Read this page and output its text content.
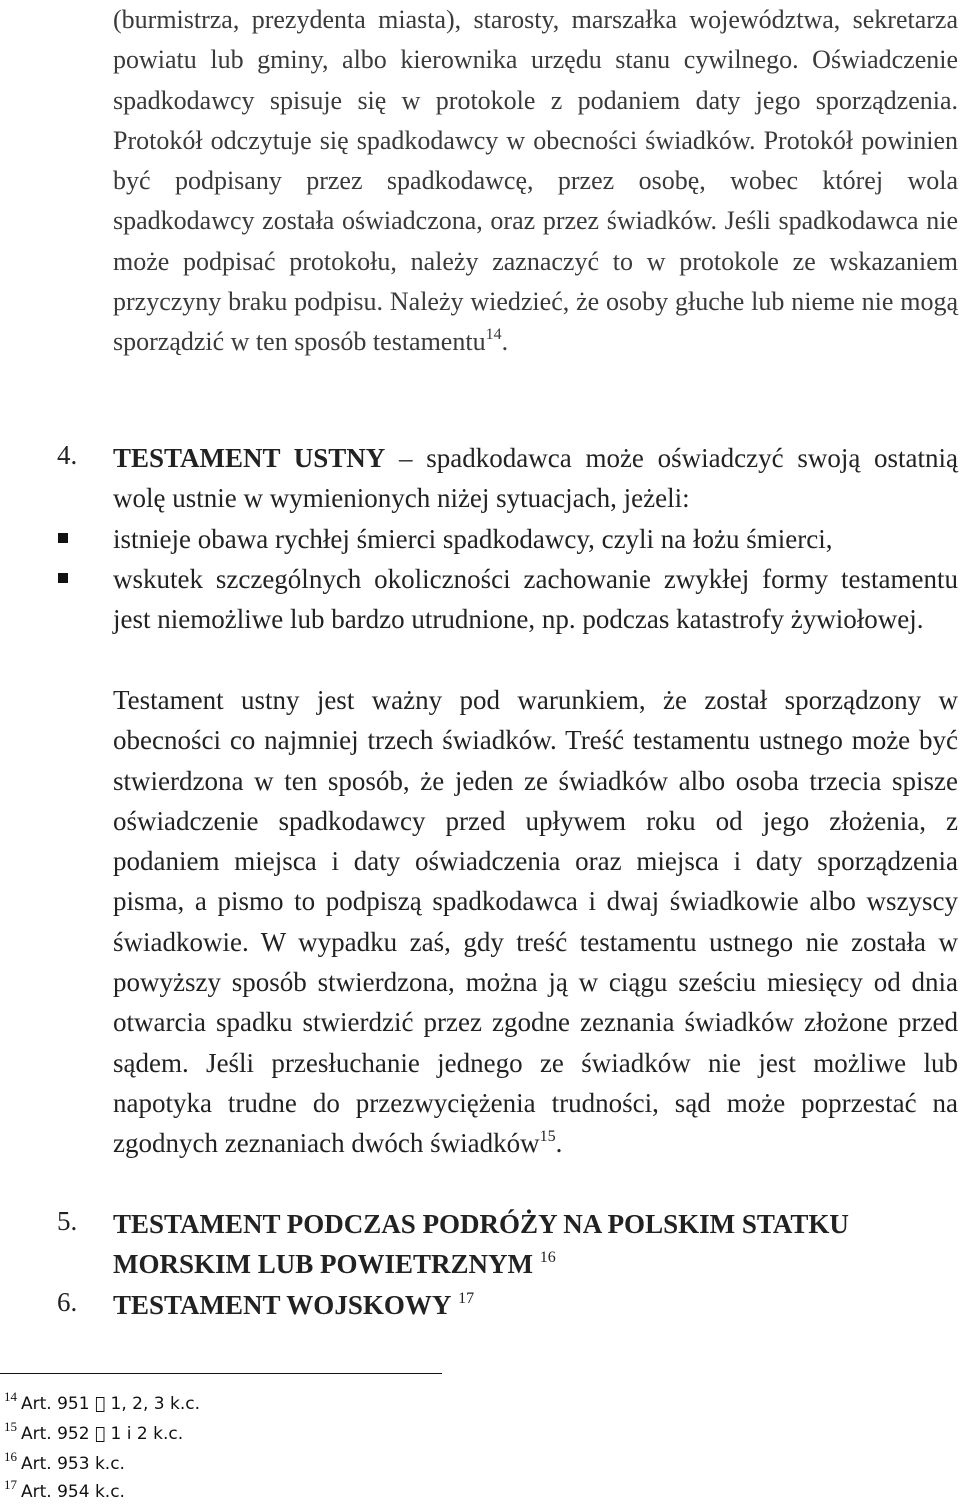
(burmistrza, prezydenta miasta), starosty, marszałka województwa, sekretarza powiatu lub gminy, albo kierownika urzędu stanu cywilnego. Oświadczenie spadkodawcy spisuje się w protokole z podaniem daty jego sporządzenia. Protokół odczytuje się spadkodawcy w obecności świadków. Protokół powinien być podpisany przez spadkodawcę, przez osobę, wobec której wola spadkodawcy została oświadczona, oraz przez świadków. Jeśli spadkodawca nie może podpisać protokołu, należy zaznaczyć to w protokole ze wskazaniem przyczyny braku podpisu. Należy wiedzieć, że osoby głuche lub nieme nie mogą sporządzić w ten sposób testamentu$^{14}$.

4. TESTAMENT USTNY – spadkodawca może oświadczyć swoją ostatnią wolę ustnie w wymienionych niżej sytuacjach, jeżeli:

istnieje obawa rychłej śmierci spadkodawcy, czyli na łożu śmierci,

wskutek szczególnych okoliczności zachowanie zwykłej formy testamentu jest niemożliwe lub bardzo utrudnione, np. podczas katastrofy żywiołowej.

Testament ustny jest ważny pod warunkiem, że został sporządzony w obecności co najmniej trzech świadków. Treść testamentu ustnego może być stwierdzona w ten sposób, że jeden ze świadków albo osoba trzecia spisze oświadczenie spadkodawcy przed upływem roku od jego złożenia, z podaniem miejsca i daty oświadczenia oraz miejsca i daty sporządzenia pisma, a pismo to podpiszą spadkodawca i dwaj świadkowie albo wszyscy świadkowie. W wypadku zaś, gdy treść testamentu ustnego nie została w powyższy sposób stwierdzona, można ją w ciągu sześciu miesięcy od dnia otwarcia spadku stwierdzić przez zgodne zeznania świadków złożone przed sądem. Jeśli przesłuchanie jednego ze świadków nie jest możliwe lub napotyka trudne do przezwyciężenia trudności, sąd może poprzestać na zgodnych zeznaniach dwóch świadków$^{15}$.

5. TESTAMENT PODCZAS PODRÓŻY NA POLSKIM STATKU MORSKIM LUB POWIETRZNYM $^{16}$

6. TESTAMENT WOJSKOWY $^{17}$

$^{14}$ Art. 951 1, 2, 3 k.c.
$^{15}$ Art. 952 1 i 2 k.c.
$^{16}$ Art. 953 k.c.
$^{17}$ Art. 954 k.c.
